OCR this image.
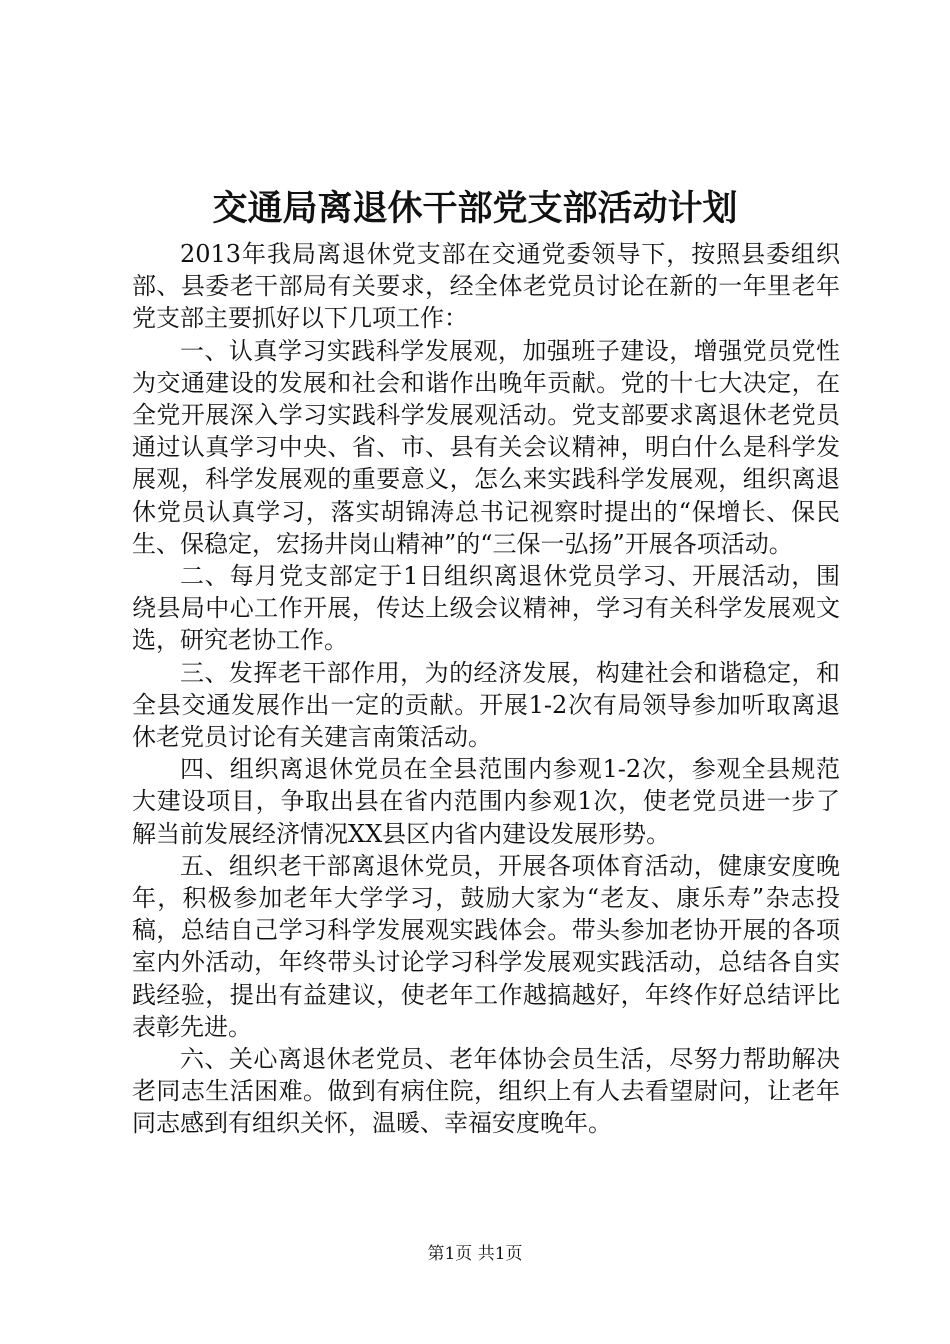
交通局离退休干部党支部活动计划

2013年我局离退休党支部在交通党委领导下，按照县委组织部、县委老干部局有关要求，经全体老党员讨论在新的一年里老年党支部主要抓好以下几项工作：

一、认真学习实践科学发展观，加强班子建设，增强党员党性为交通建设的发展和社会和谐作出晚年贡献。党的十七大决定，在全党开展深入学习实践科学发展观活动。党支部要求离退休老党员通过认真学习中央、省、市、县有关会议精神，明白什么是科学发展观，科学发展观的重要意义，怎么来实践科学发展观，组织离退休党员认真学习，落实胡锦涛总书记视察时提出的“保增长、保民生、保稳定，宏扬井岗山精神”的“三保一弘扬”开展各项活动。

二、每月党支部定于1日组织离退休党员学习、开展活动，围绕县局中心工作开展，传达上级会议精神，学习有关科学发展观文选，研究老协工作。

三、发挥老干部作用，为的经济发展，构建社会和谐稳定，和全县交通发展作出一定的贡献。开展1-2次有局领导参加听取离退休老党员讨论有关建言南策活动。

四、组织离退休党员在全县范围内参观1-2次，参观全县规范大建设项目，争取出县在省内范围内参观1次，使老党员进一步了解当前发展经济情况XX县区内省内建设发展形势。

五、组织老干部离退休党员，开展各项体育活动，健康安度晚年，积极参加老年大学学习，鼓励大家为“老友、康乐寿”杂志投稿，总结自己学习科学发展观实践体会。带头参加老协开展的各项室内外活动，年终带头讨论学习科学发展观实践活动，总结各自实践经验，提出有益建议，使老年工作越搞越好，年终作好总结评比表彰先进。

六、关心离退休老党员、老年体协会员生活，尽努力帮助解决老同志生活困难。做到有病住院，组织上有人去看望尉问，让老年同志感到有组织关怀，温暖、幸福安度晚年。

第1页 共1页
